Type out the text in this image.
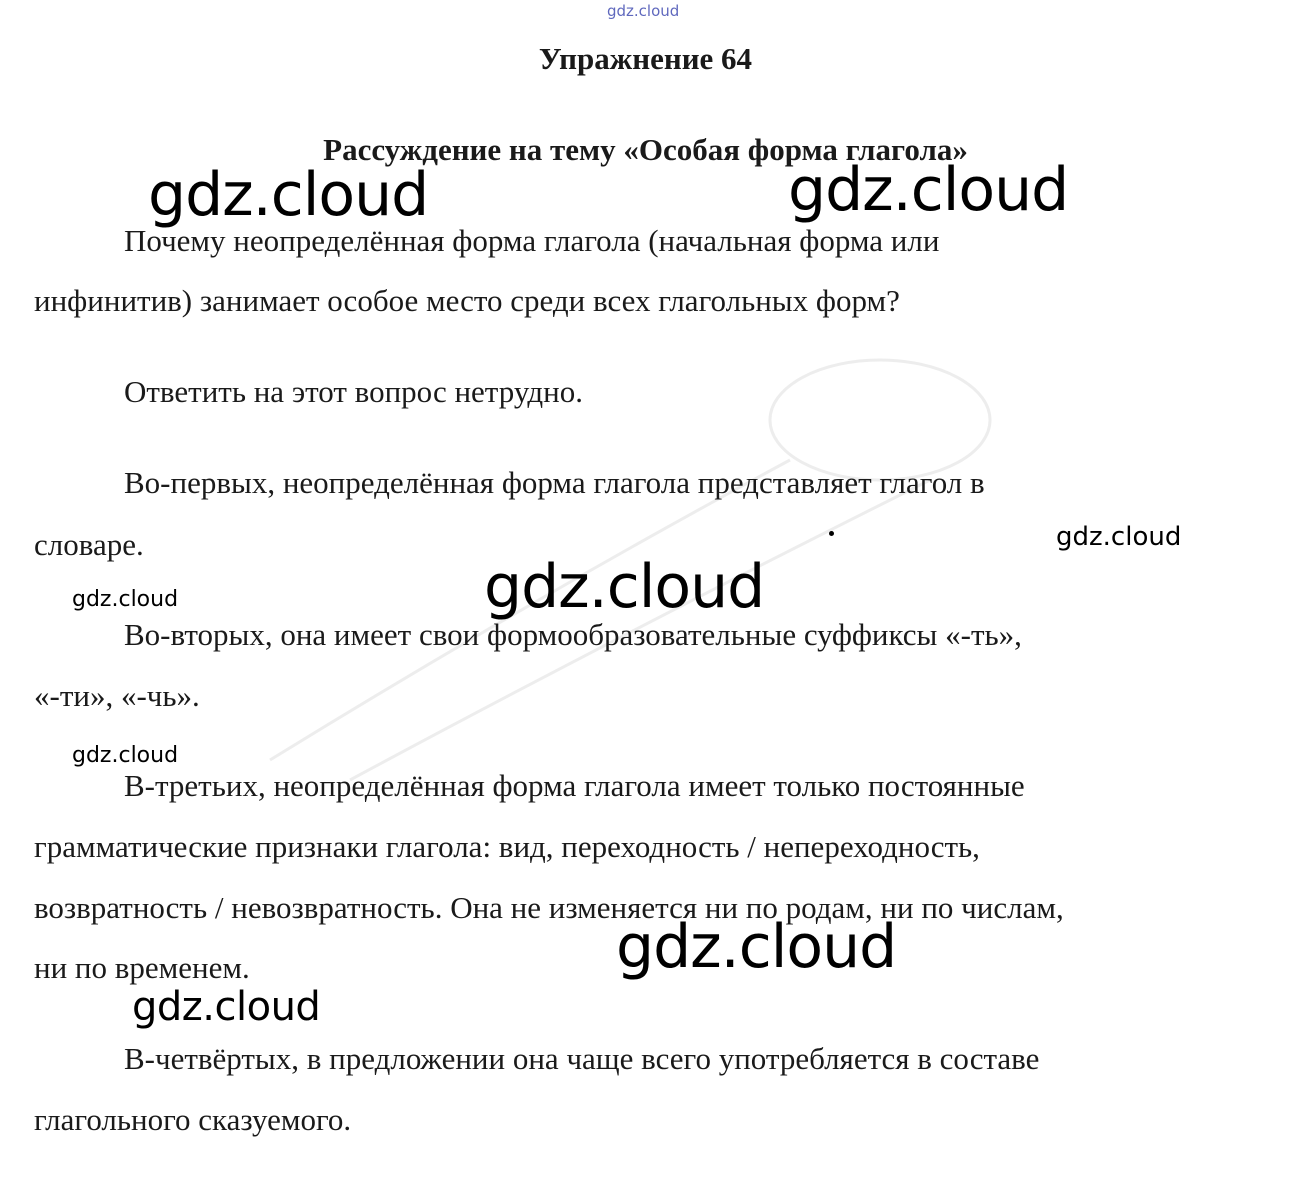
gdz.cloud
Упражнение 64
Рассуждение на тему «Особая форма глагола»
Почему неопределённая форма глагола (начальная форма или
инфинитив) занимает особое место среди всех глагольных форм?
Ответить на этот вопрос нетрудно.
Во-первых, неопределённая форма глагола представляет глагол в
словаре.
Во-вторых, она имеет свои формообразовательные суффиксы «-ть»,
«-ти», «-чь».
В-третьих, неопределённая форма глагола имеет только постоянные
грамматические признаки глагола: вид, переходность / непереходность,
возвратность / невозвратность. Она не изменяется ни по родам, ни по числам,
ни по временем.
В-четвёртых, в предложении она чаще всего употребляется в составе
глагольного сказуемого.
gdz.cloud	gdz.cloud
gdz.cloud
gdz.cloud
gdz.cloud
gdz.cloud
gdz.cloud
gdz.cloud
